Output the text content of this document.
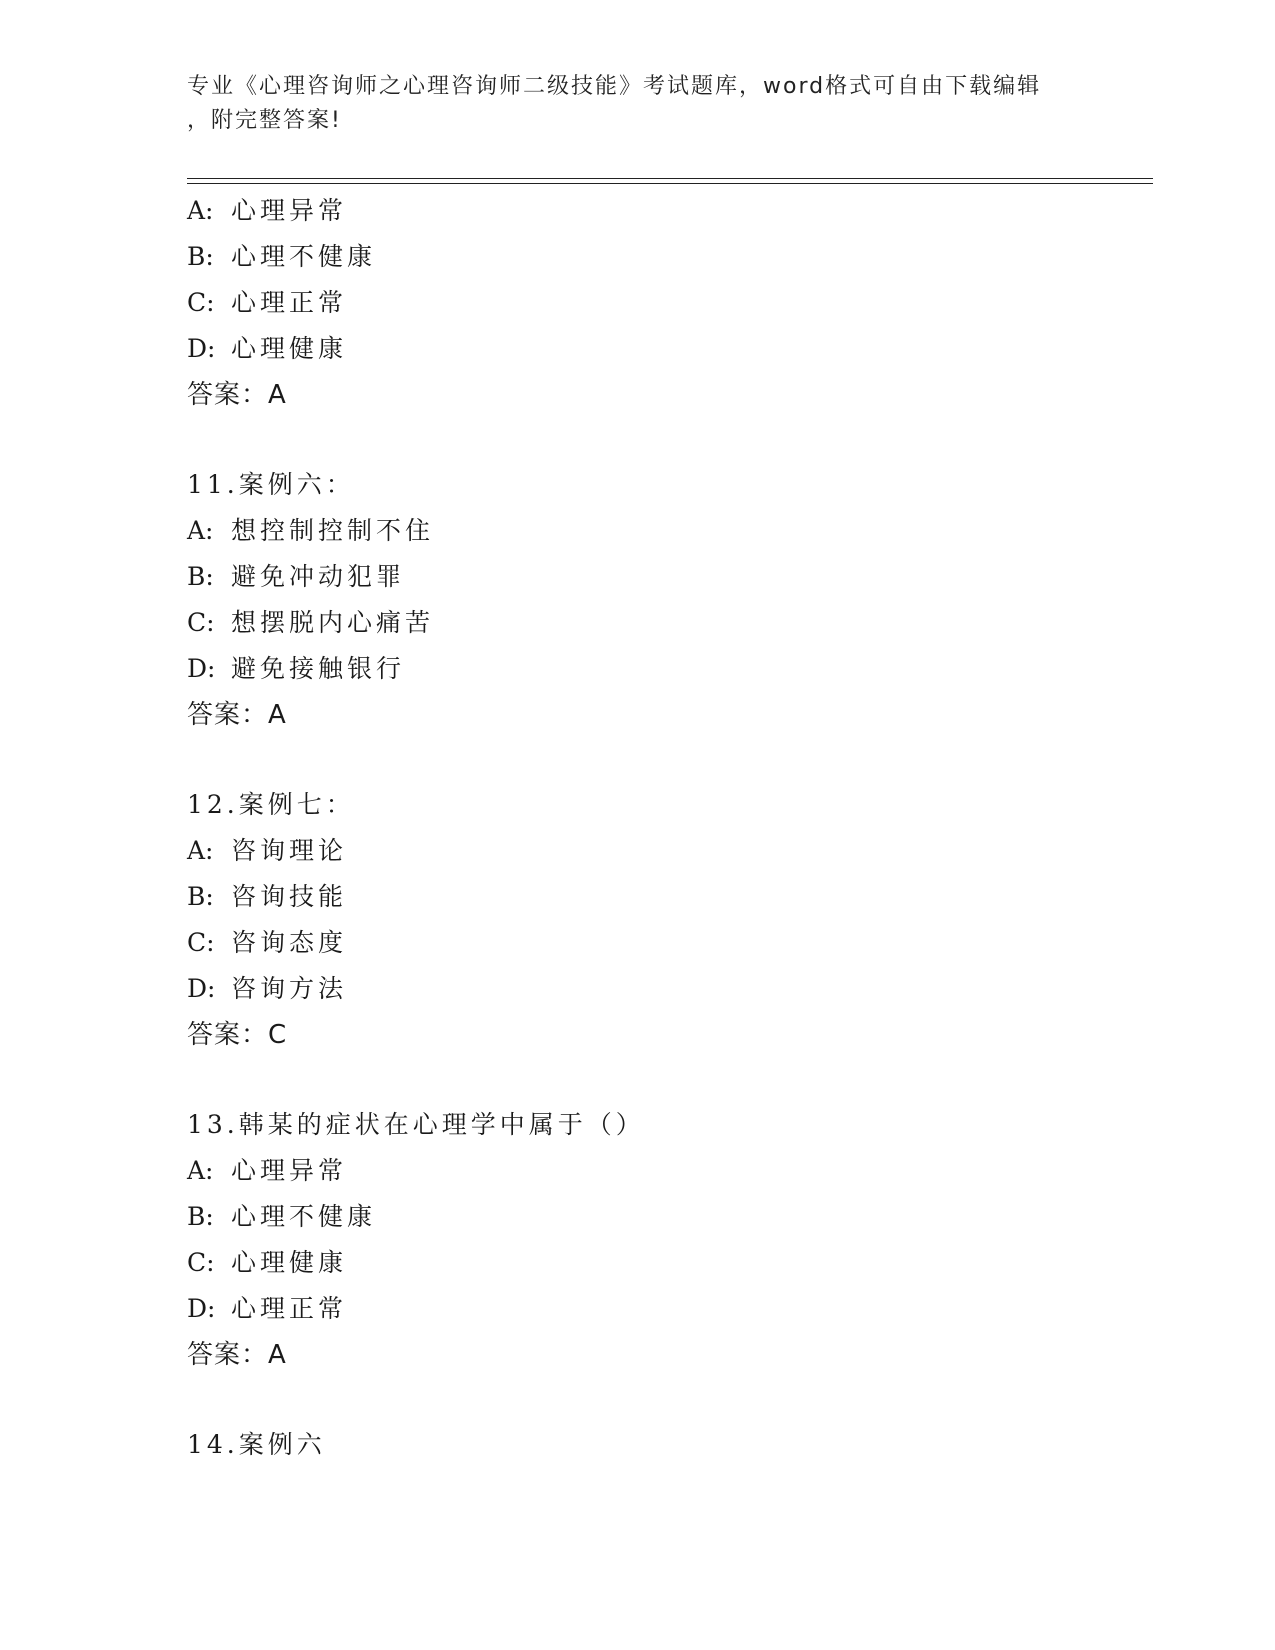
专业《心理咨询师之心理咨询师二级技能》考试题库，word格式可自由下载编辑
，附完整答案!
A: 心理异常
B: 心理不健康
C: 心理正常
D: 心理健康
答案：A
11.案例六：
A: 想控制控制不住
B: 避免冲动犯罪
C: 想摆脱内心痛苦
D: 避免接触银行
答案：A
12.案例七：
A: 咨询理论
B: 咨询技能
C: 咨询态度
D: 咨询方法
答案：C
13.韩某的症状在心理学中属于（）
A: 心理异常
B: 心理不健康
C: 心理健康
D: 心理正常
答案：A
14.案例六
